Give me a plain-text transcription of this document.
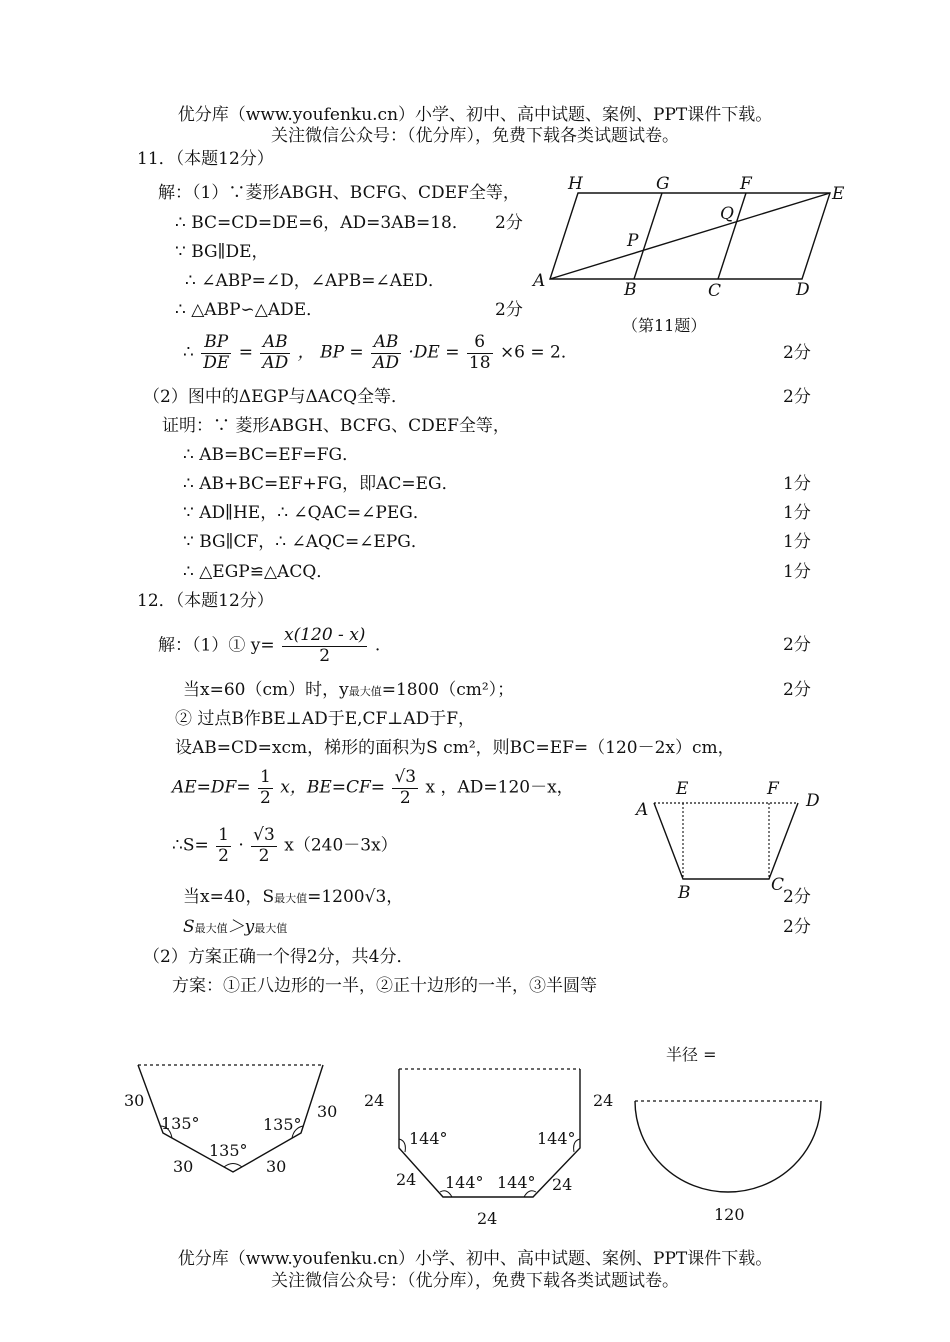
优分库（www.youfenku.cn）小学、初中、高中试题、案例、PPT课件下载。
关注微信公众号：（优分库），免费下载各类试题试卷。
11．（本题12分）
解：（1）∵菱形ABGH、BCFG、CDEF全等，
∴ BC=CD=DE=6，AD=3AB=18．
∵ BG∥DE，
∴ ∠ABP=∠D，∠APB=∠AED．
∴ △ABP∽△ADE．
2分
2分
∴ $\frac{BP}{DE} = \frac{AB}{AD}$ ， BP = $\frac{AB}{AD} \cdot DE = \frac{6}{18} \times 6 = 2$．	2分
（2）图中的ΔEGP与ΔACQ全等．	2分
证明：∵ 菱形ABGH、BCFG、CDEF全等，
∴ AB=BC=EF=FG．
∴ AB+BC=EF+FG，即AC=EG．	1分
∵ AD∥HE，∴ ∠QAC=∠PEG．	1分
∵ BG∥CF，∴ ∠AQC=∠EPG．	1分
∴ △EGP≌△ACQ．	1分
H	G	F	E
Q
P
A	B	C	D
（第11题）
12．（本题12分）
解：（1）① $y= \frac{x(120 - x)}{2}$ .	2分
当x=60（cm）时，y最大值=1800（cm²）；	2分
② 过点B作BE⊥AD于E,CF⊥AD于F，
设AB=CD=xcm，梯形的面积为S cm²，则BC=EF=（120－2x）cm，
$AE=DF= \frac{1}{2}$ x，$BE=CF= \frac{√3}{2}$ x ，AD=120－x，
∴S= $\frac{1}{2} \cdot \frac{√3}{2} x(240-3x)$
当x=40，S最大值=1200√3，	2分
S最大值＞y最大值	2分
（2）方案正确一个得2分，共4分．
方案：①正八边形的一半，②正十边形的一半，③半圆等
E	F
A	D
B	C
30
30
135°	135°
135°
30	30
24	24
144°	144°
24 144° 144° 24
24
半径 =
120
优分库（www.youfenku.cn）小学、初中、高中试题、案例、PPT课件下载。
关注微信公众号：（优分库），免费下载各类试题试卷。
